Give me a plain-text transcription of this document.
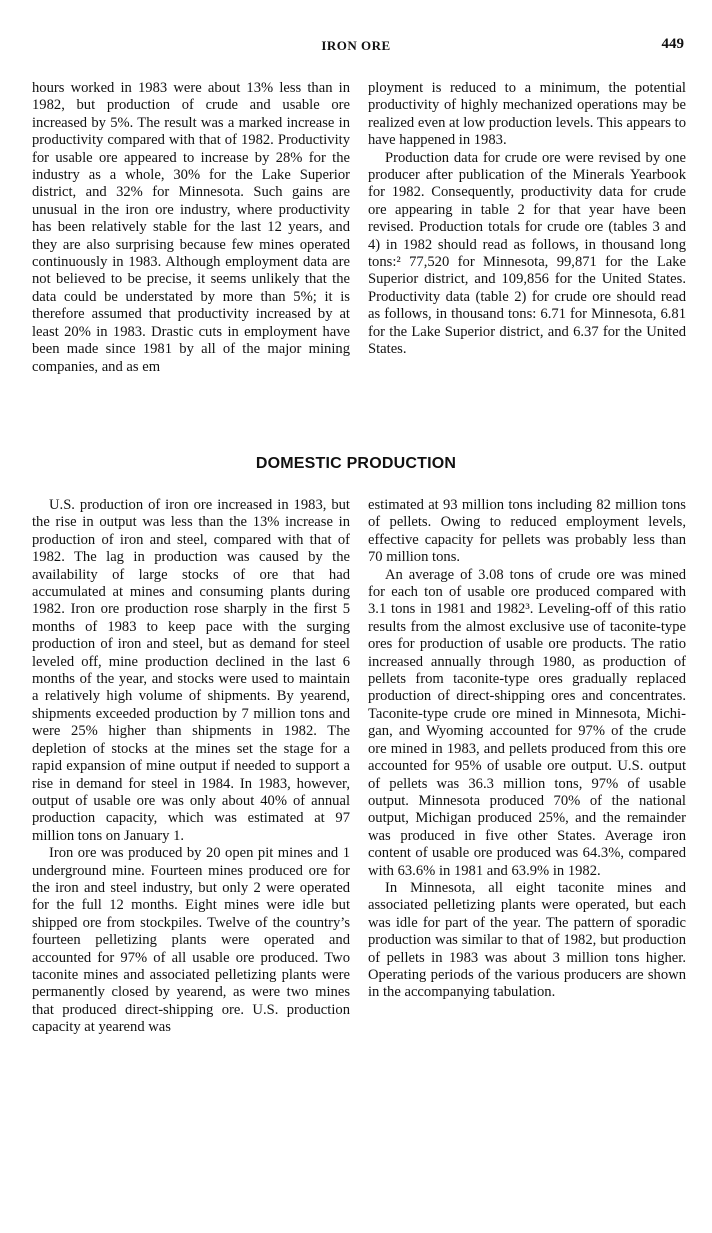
IRON ORE	449

hours worked in 1983 were about 13% less than in 1982, but production of crude and usable ore increased by 5%. The result was a marked increase in productivity compared with that of 1982. Productivity for usable ore appeared to increase by 28% for the industry as a whole, 30% for the Lake Superior district, and 32% for Minnesota. Such gains are unusual in the iron ore industry, where productivity has been relatively stable for the last 12 years, and they are also surprising because few mines operated continuously in 1983. Although employment data are not believed to be precise, it seems unlikely that the data could be understated by more than 5%; it is therefore assumed that productivity increased by at least 20% in 1983. Drastic cuts in employment have been made since 1981 by all of the major mining companies, and as em

ployment is reduced to a minimum, the potential productivity of highly mechanized operations may be realized even at low production levels. This appears to have happened in 1983.

Production data for crude ore were revised by one producer after publication of the Minerals Yearbook for 1982. Consequently, productivity data for crude ore appearing in table 2 for that year have been revised. Production totals for crude ore (tables 3 and 4) in 1982 should read as follows, in thousand long tons:² 77,520 for Minnesota, 99,871 for the Lake Superior district, and 109,856 for the United States. Productivity data (table 2) for crude ore should read as follows, in thousand tons: 6.71 for Minnesota, 6.81 for the Lake Superior district, and 6.37 for the United States.

DOMESTIC PRODUCTION

U.S. production of iron ore increased in 1983, but the rise in output was less than the 13% increase in production of iron and steel, compared with that of 1982. The lag in production was caused by the availability of large stocks of ore that had accumulated at mines and consuming plants during 1982. Iron ore production rose sharply in the first 5 months of 1983 to keep pace with the surging production of iron and steel, but as demand for steel leveled off, mine production declined in the last 6 months of the year, and stocks were used to maintain a relatively high volume of shipments. By yearend, shipments exceeded production by 7 million tons and were 25% higher than shipments in 1982. The depletion of stocks at the mines set the stage for a rapid expansion of mine output if needed to support a rise in demand for steel in 1984. In 1983, however, output of usable ore was only about 40% of annual production capacity, which was estimated at 97 million tons on January 1.

Iron ore was produced by 20 open pit mines and 1 underground mine. Fourteen mines produced ore for the iron and steel industry, but only 2 were operated for the full 12 months. Eight mines were idle but shipped ore from stockpiles. Twelve of the country’s fourteen pelletizing plants were operated and accounted for 97% of all usable ore produced. Two taconite mines and associated pelletizing plants were permanently closed by yearend, as were two mines that produced direct-shipping ore. U.S. production capacity at yearend was

estimated at 93 million tons including 82 million tons of pellets. Owing to reduced employment levels, effective capacity for pellets was probably less than 70 million tons.

An average of 3.08 tons of crude ore was mined for each ton of usable ore produced compared with 3.1 tons in 1981 and 1982³. Leveling-off of this ratio results from the almost exclusive use of taconite-type ores for production of usable ore products. The ratio increased annually through 1980, as production of pellets from taconite-type ores gradually replaced production of direct-shipping ores and concentrates. Taconite-type crude ore mined in Minnesota, Michigan, and Wyoming accounted for 97% of the crude ore mined in 1983, and pellets produced from this ore accounted for 95% of usable ore output. U.S. output of pellets was 36.3 million tons, 97% of usable output. Minnesota produced 70% of the national output, Michigan produced 25%, and the remainder was produced in five other States. Average iron content of usable ore produced was 64.3%, compared with 63.6% in 1981 and 63.9% in 1982.

In Minnesota, all eight taconite mines and associated pelletizing plants were operated, but each was idle for part of the year. The pattern of sporadic production was similar to that of 1982, but production of pellets in 1983 was about 3 million tons higher. Operating periods of the various producers are shown in the accompanying tabulation.
